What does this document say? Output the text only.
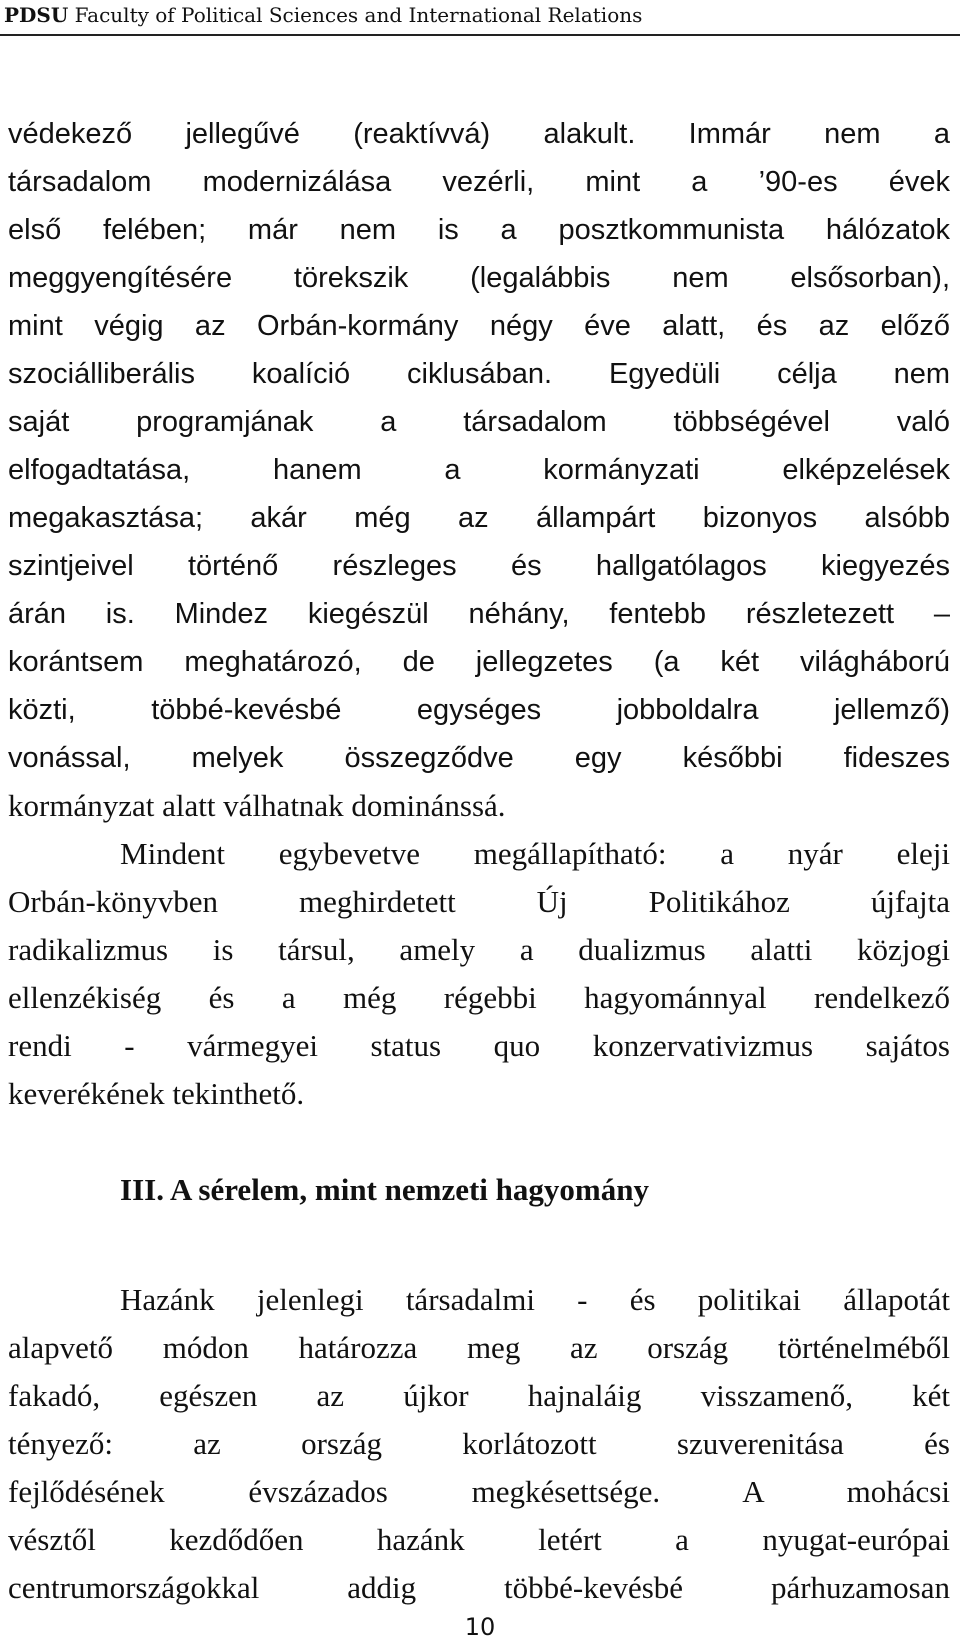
PDSU Faculty of Political Sciences and International Relations
védekező jellegűvé (reaktívvá) alakult. Immár nem a
társadalom modernizálása vezérli, mint a ’90-es évek
első felében; már nem is a posztkommunista hálózatok
meggyengítésére törekszik (legalábbis nem elsősorban),
mint végig az Orbán-kormány négy éve alatt, és az előző
szociálliberális koalíció ciklusában. Egyedüli célja nem
saját programjának a társadalom többségével való
elfogadtatása, hanem a kormányzati elképzelések
megakasztása; akár még az állampárt bizonyos alsóbb
szintjeivel történő részleges és hallgatólagos kiegyezés
árán is. Mindez kiegészül néhány, fentebb részletezett –
korántsem meghatározó, de jellegzetes (a két világháború
közti, többé-kevésbé egységes jobboldalra jellemző)
vonással, melyek összegződve egy későbbi fideszes
kormányzat alatt válhatnak dominánssá.
Mindent egybevetve megállapítható: a nyár eleji
Orbán-könyvben meghirdetett Új Politikához újfajta
radikalizmus is társul, amely a dualizmus alatti közjogi
ellenzékiség és a még régebbi hagyománnyal rendelkező
rendi - vármegyei status quo konzervativizmus sajátos
keverékének tekinthető.
III. A sérelem, mint nemzeti hagyomány
Hazánk jelenlegi társadalmi - és politikai állapotát
alapvető módon határozza meg az ország történelméből
fakadó, egészen az újkor hajnaláig visszamenő, két
tényező: az ország korlátozott szuverenitása és
fejlődésének évszázados megkésettsége. A mohácsi
vésztől kezdődően hazánk letért a nyugat-európai
centrumországokkal addig többé-kevésbé párhuzamosan
10
